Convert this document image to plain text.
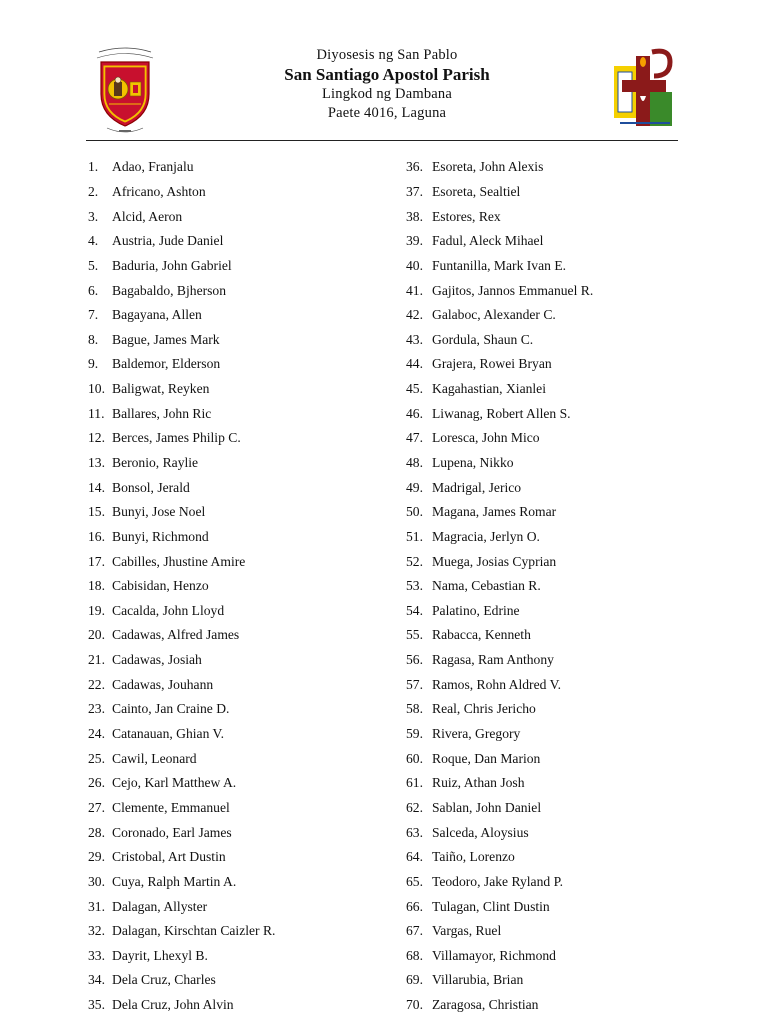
Diyosesis ng San Pablo
San Santiago Apostol Parish
Lingkod ng Dambana
Paete 4016, Laguna
1.	Adao, Franjalu
2.	Africano, Ashton
3.	Alcid, Aeron
4.	Austria, Jude Daniel
5.	Baduria, John Gabriel
6.	Bagabaldo, Bjherson
7.	Bagayana, Allen
8.	Bague, James Mark
9.	Baldemor, Elderson
10. Baligwat, Reyken
11. Ballares, John Ric
12. Berces, James Philip C.
13. Beronio, Raylie
14. Bonsol, Jerald
15. Bunyi, Jose Noel
16. Bunyi, Richmond
17. Cabilles, Jhustine Amire
18. Cabisidan, Henzo
19. Cacalda, John Lloyd
20. Cadawas, Alfred James
21. Cadawas, Josiah
22. Cadawas, Jouhann
23. Cainto, Jan Craine D.
24. Catanauan, Ghian V.
25. Cawil, Leonard
26. Cejo, Karl Matthew A.
27. Clemente, Emmanuel
28. Coronado, Earl James
29. Cristobal, Art Dustin
30. Cuya, Ralph Martin A.
31. Dalagan, Allyster
32. Dalagan, Kirschtan Caizler R.
33. Dayrit, Lhexyl B.
34. Dela Cruz, Charles
35. Dela Cruz, John Alvin
36. Esoreta, John Alexis
37. Esoreta, Sealtiel
38. Estores, Rex
39. Fadul, Aleck Mihael
40. Funtanilla, Mark Ivan E.
41. Gajitos, Jannos Emmanuel R.
42. Galaboc, Alexander C.
43. Gordula, Shaun C.
44. Grajera, Rowei Bryan
45. Kagahastian, Xianlei
46. Liwanag, Robert Allen S.
47. Loresca, John Mico
48. Lupena, Nikko
49. Madrigal, Jerico
50. Magana, James Romar
51. Magracia, Jerlyn O.
52. Muega, Josias Cyprian
53. Nama, Cebastian R.
54. Palatino, Edrine
55. Rabacca, Kenneth
56. Ragasa, Ram Anthony
57. Ramos, Rohn Aldred V.
58. Real, Chris Jericho
59. Rivera, Gregory
60. Roque, Dan Marion
61. Ruiz, Athan Josh
62. Sablan, John Daniel
63. Salceda, Aloysius
64. Taiño, Lorenzo
65. Teodoro, Jake Ryland P.
66. Tulagan, Clint Dustin
67. Vargas, Ruel
68. Villamayor, Richmond
69. Villarubia, Brian
70. Zaragosa, Christian
